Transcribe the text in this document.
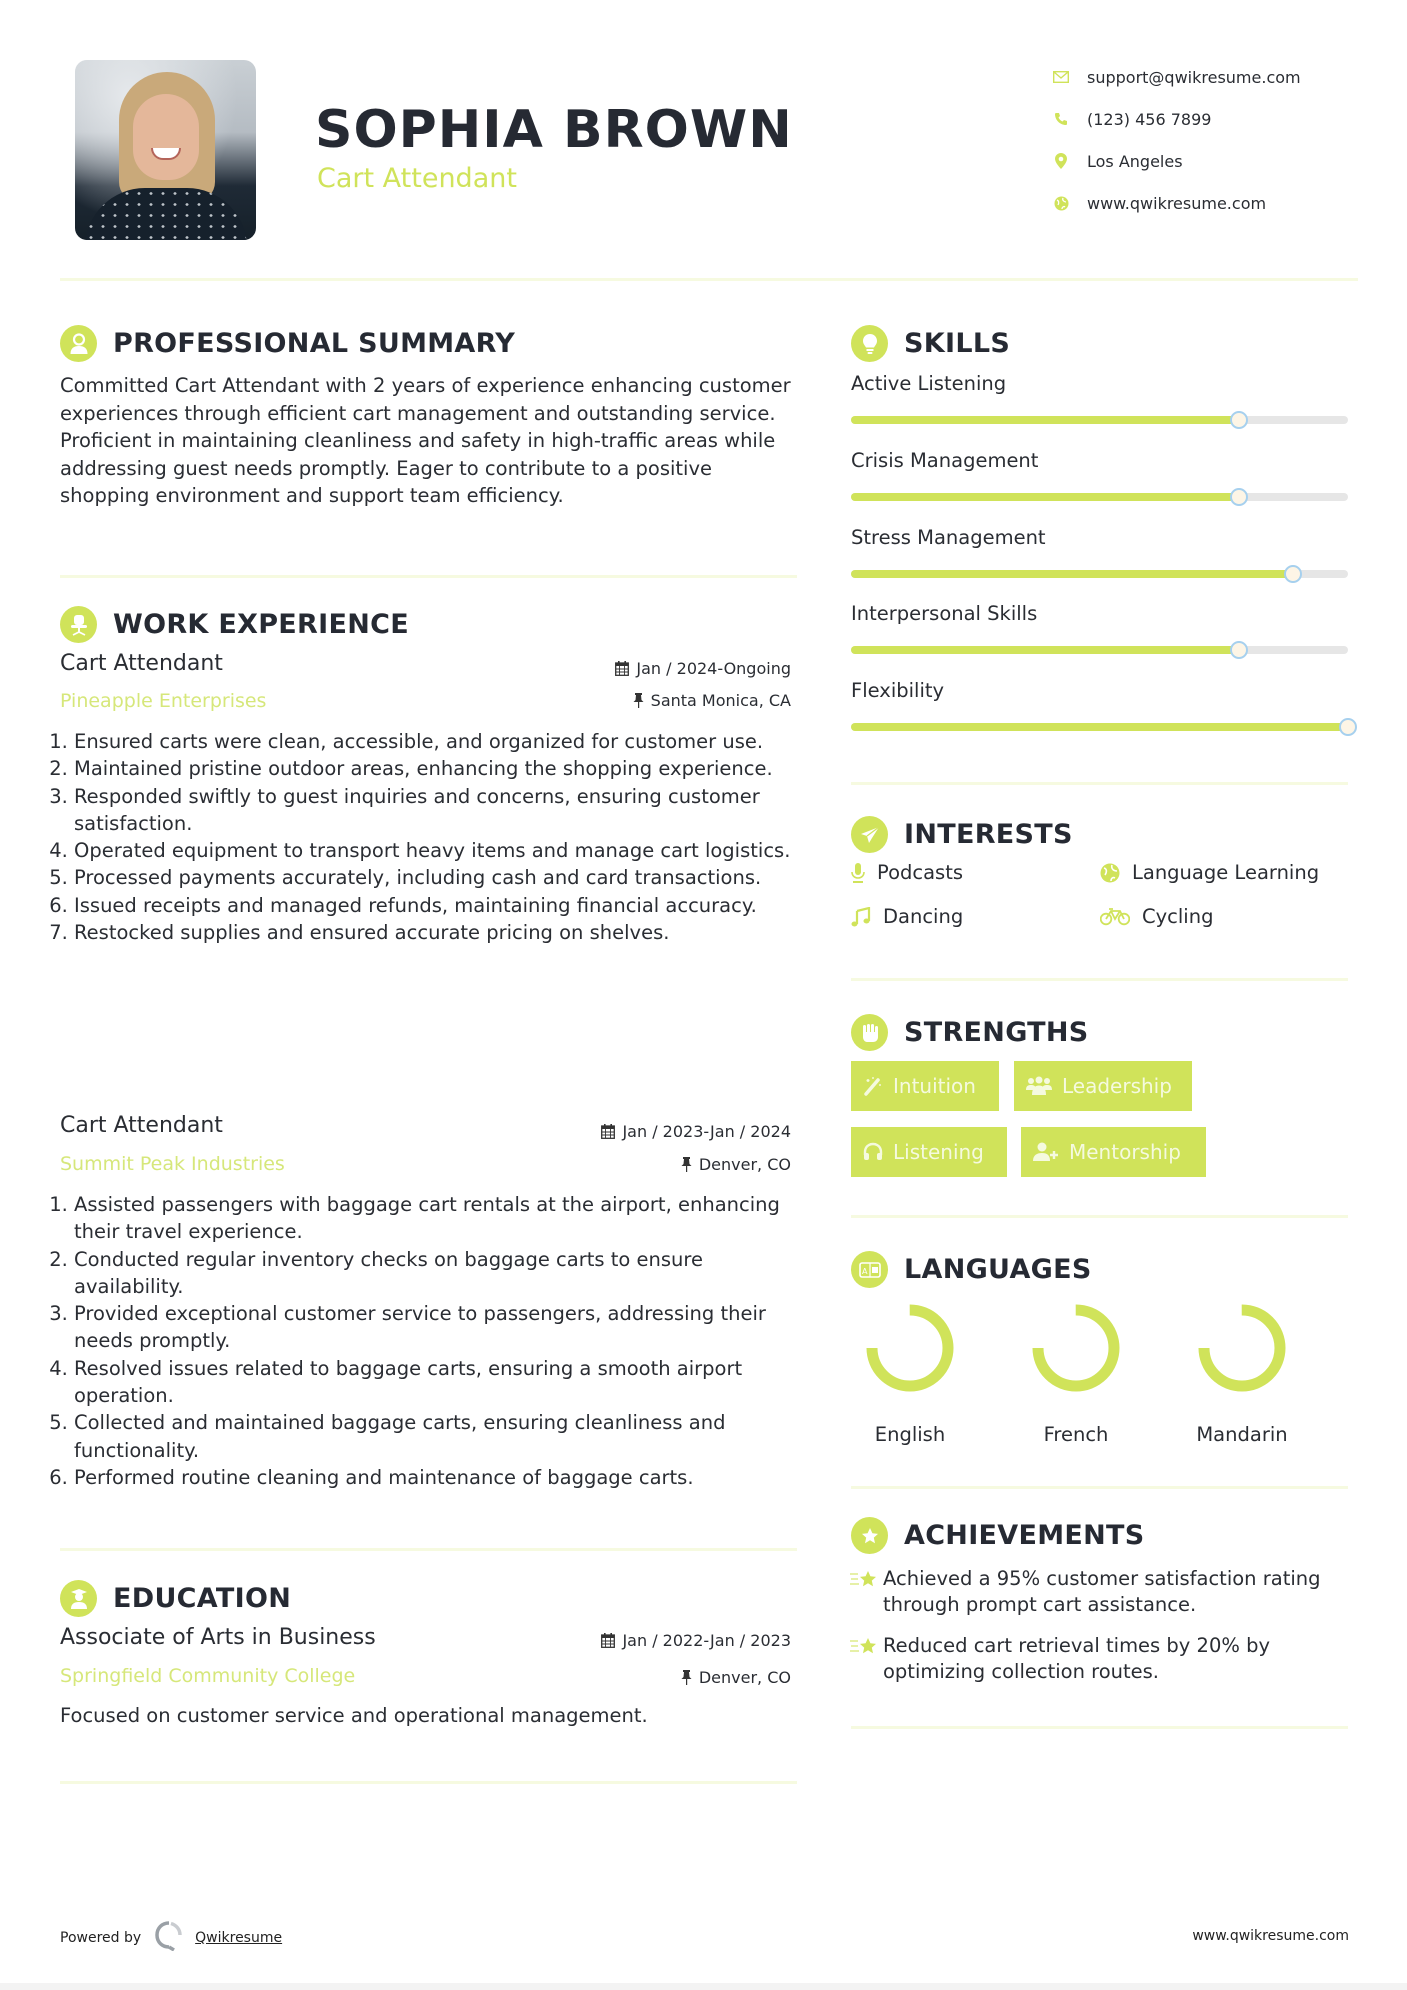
SOPHIA BROWN
Cart Attendant
support@qwikresume.com
(123) 456 7899
Los Angeles
www.qwikresume.com
PROFESSIONAL SUMMARY
Committed Cart Attendant with 2 years of experience enhancing customer experiences through efficient cart management and outstanding service. Proficient in maintaining cleanliness and safety in high-traffic areas while addressing guest needs promptly. Eager to contribute to a positive shopping environment and support team efficiency.
WORK EXPERIENCE
Cart Attendant	Jan / 2024-Ongoing
Pineapple Enterprises	Santa Monica, CA
1. Ensured carts were clean, accessible, and organized for customer use.
2. Maintained pristine outdoor areas, enhancing the shopping experience.
3. Responded swiftly to guest inquiries and concerns, ensuring customer satisfaction.
4. Operated equipment to transport heavy items and manage cart logistics.
5. Processed payments accurately, including cash and card transactions.
6. Issued receipts and managed refunds, maintaining financial accuracy.
7. Restocked supplies and ensured accurate pricing on shelves.
Cart Attendant	Jan / 2023-Jan / 2024
Summit Peak Industries	Denver, CO
1. Assisted passengers with baggage cart rentals at the airport, enhancing their travel experience.
2. Conducted regular inventory checks on baggage carts to ensure availability.
3. Provided exceptional customer service to passengers, addressing their needs promptly.
4. Resolved issues related to baggage carts, ensuring a smooth airport operation.
5. Collected and maintained baggage carts, ensuring cleanliness and functionality.
6. Performed routine cleaning and maintenance of baggage carts.
EDUCATION
Associate of Arts in Business	Jan / 2022-Jan / 2023
Springfield Community College	Denver, CO
Focused on customer service and operational management.
SKILLS
Active Listening
Crisis Management
Stress Management
Interpersonal Skills
Flexibility
INTERESTS
Podcasts	Language Learning
Dancing	Cycling
STRENGTHS
Intuition	Leadership
Listening	Mentorship
A LANGUAGES
English	French	Mandarin
ACHIEVEMENTS
Achieved a 95% customer satisfaction rating through prompt cart assistance.
Reduced cart retrieval times by 20% by optimizing collection routes.
Powered by	Qwikresume	www.qwikresume.com
